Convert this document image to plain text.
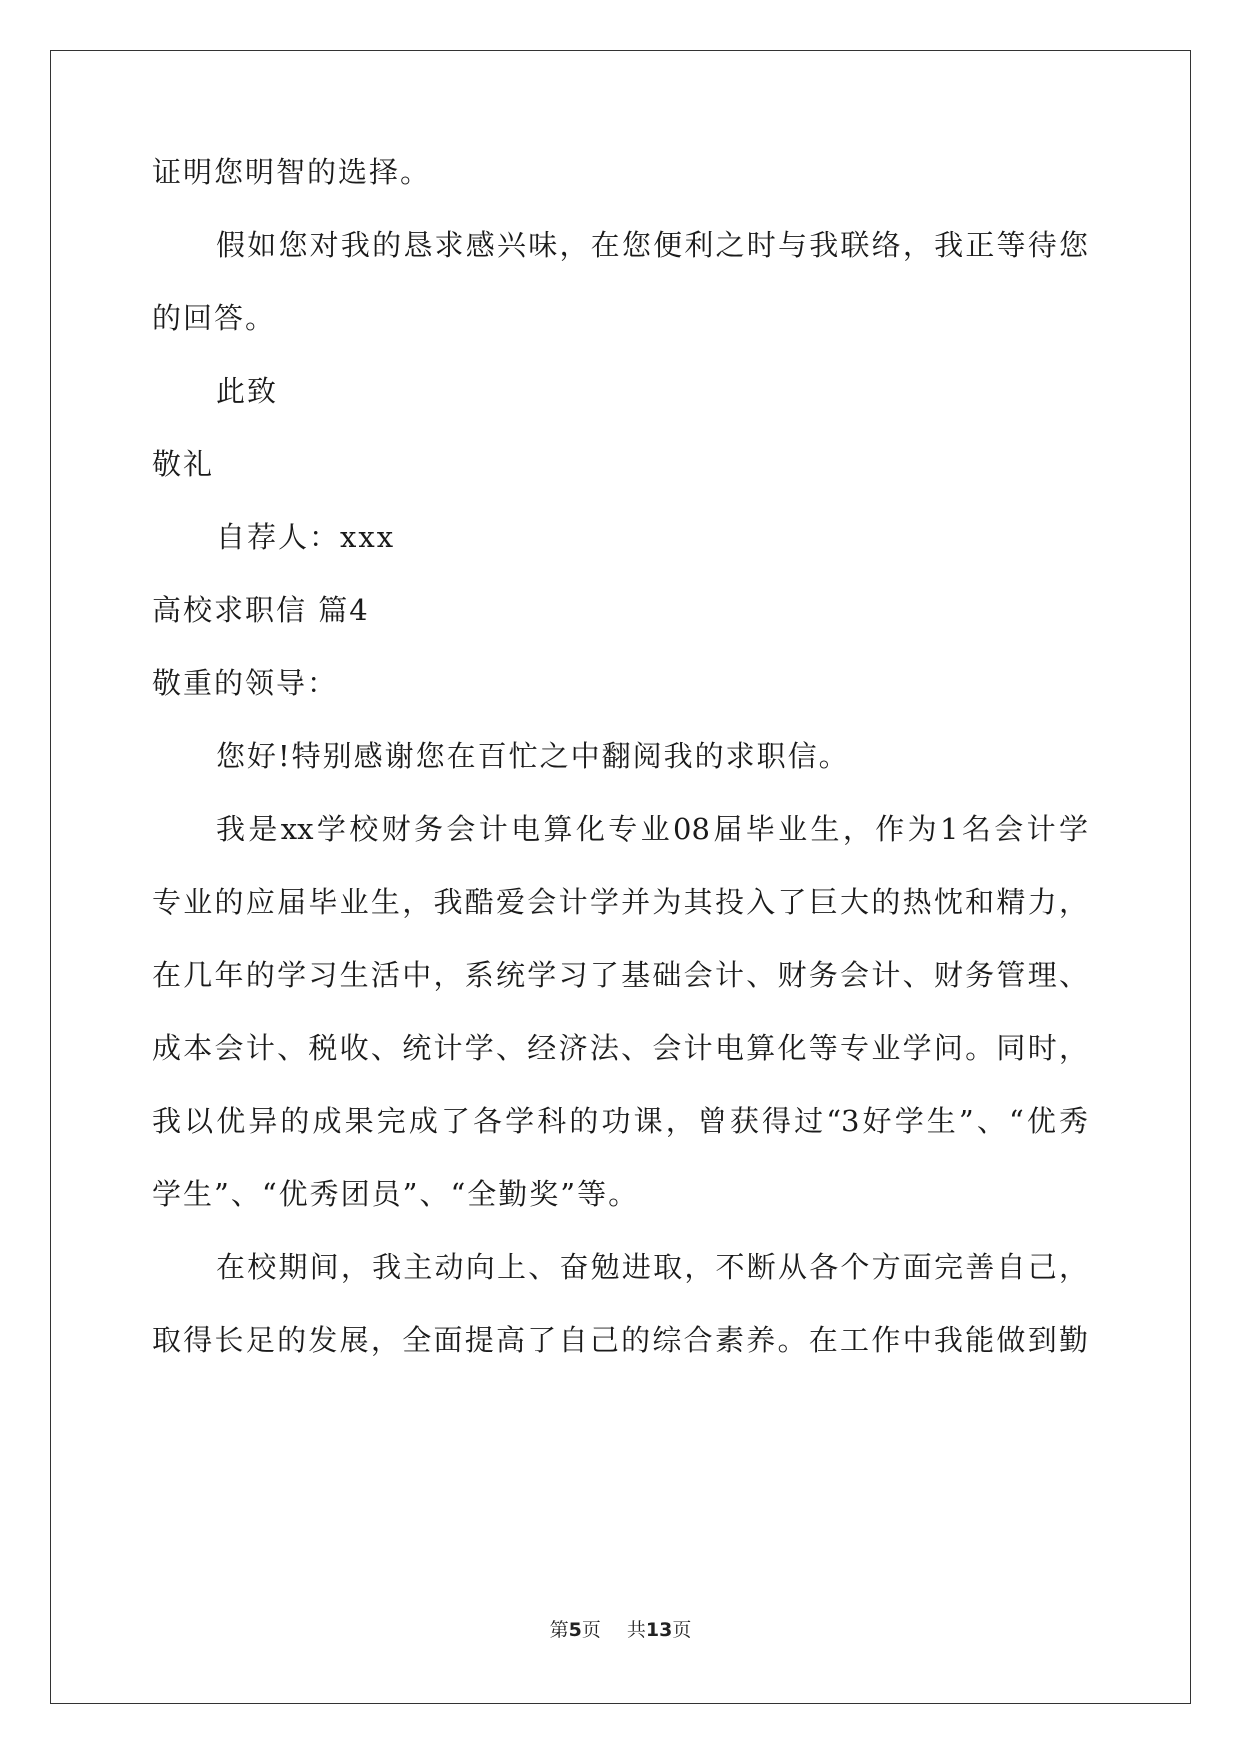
证明您明智的选择。
假如您对我的恳求感兴味，在您便利之时与我联络，我正等待您
的回答。
此致
敬礼
自荐人：xxx
高校求职信 篇4
敬重的领导：
您好!特别感谢您在百忙之中翻阅我的求职信。
我是xx学校财务会计电算化专业08届毕业生，作为1名会计学
专业的应届毕业生，我酷爱会计学并为其投入了巨大的热忱和精力，
在几年的学习生活中，系统学习了基础会计、财务会计、财务管理、
成本会计、税收、统计学、经济法、会计电算化等专业学问。同时，
我以优异的成果完成了各学科的功课，曾获得过“3好学生”、“优秀
学生”、“优秀团员”、“全勤奖”等。
在校期间，我主动向上、奋勉进取，不断从各个方面完善自己，
取得长足的发展，全面提高了自己的综合素养。在工作中我能做到勤
第5页 共13页
